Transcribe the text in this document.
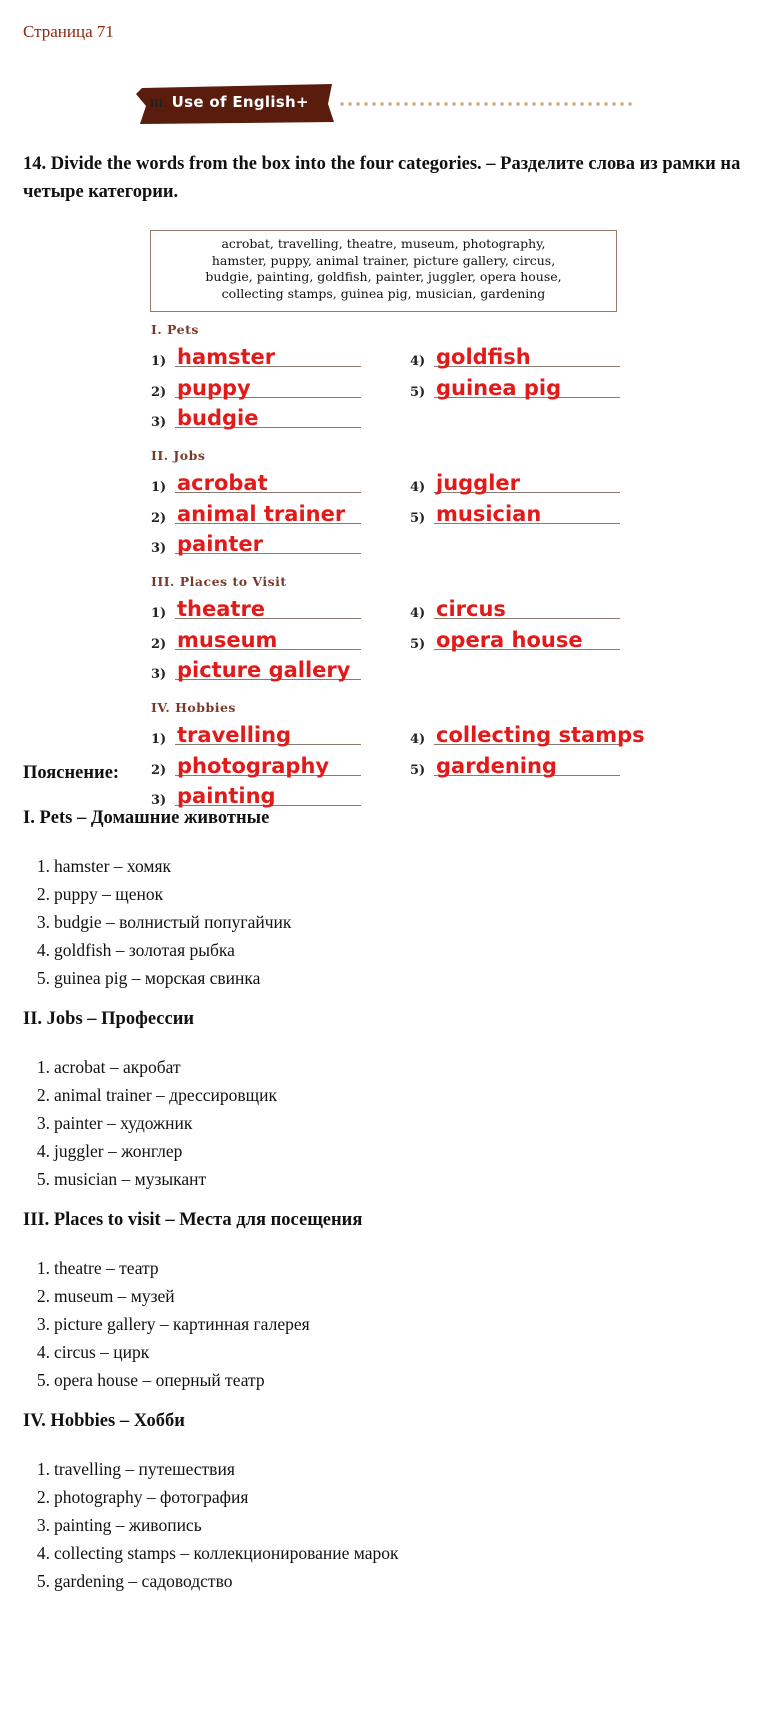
Страница 71
III. Use of English+
14. Divide the words from the box into the four categories. – Разделите слова из рамки на четыре категории.
acrobat, travelling, theatre, museum, photography,
hamster, puppy, animal trainer, picture gallery, circus,
budgie, painting, goldfish, painter, juggler, opera house,
collecting stamps, guinea pig, musician, gardening
I. Pets
1) hamster
2) puppy
3) budgie
4) goldfish
5) guinea pig
II. Jobs
1) acrobat
2) animal trainer
3) painter
4) juggler
5) musician
III. Places to Visit
1) theatre
2) museum
3) picture gallery
4) circus
5) opera house
IV. Hobbies
1) travelling
2) photography
3) painting
4) collecting stamps
5) gardening
Пояснение:
I. Pets – Домашние животные
1. hamster – хомяк
2. puppy – щенок
3. budgie – волнистый попугайчик
4. goldfish – золотая рыбка
5. guinea pig – морская свинка
II. Jobs – Профессии
1. acrobat – акробат
2. animal trainer – дрессировщик
3. painter – художник
4. juggler – жонглер
5. musician – музыкант
III. Places to visit – Места для посещения
1. theatre – театр
2. museum – музей
3. picture gallery – картинная галерея
4. circus – цирк
5. opera house – оперный театр
IV. Hobbies – Хобби
1. travelling – путешествия
2. photography – фотография
3. painting – живопись
4. collecting stamps – коллекционирование марок
5. gardening – садоводство
